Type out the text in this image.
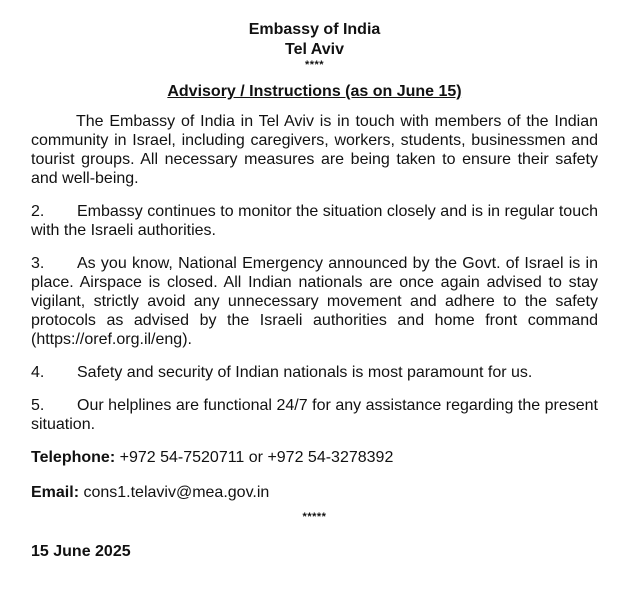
Embassy of India

Tel Aviv

****

Advisory / Instructions (as on June 15)

The Embassy of India in Tel Aviv is in touch with members of the Indian community in Israel, including caregivers, workers, students, businessmen and tourist groups. All necessary measures are being taken to ensure their safety and well-being.

2. Embassy continues to monitor the situation closely and is in regular touch with the Israeli authorities.

3. As you know, National Emergency announced by the Govt. of Israel is in place. Airspace is closed. All Indian nationals are once again advised to stay vigilant, strictly avoid any unnecessary movement and adhere to the safety protocols as advised by the Israeli authorities and home front command (https://oref.org.il/eng).

4. Safety and security of Indian nationals is most paramount for us.

5. Our helplines are functional 24/7 for any assistance regarding the present situation.

Telephone: +972 54-7520711 or +972 54-3278392

Email: cons1.telaviv@mea.gov.in

*****

15 June 2025
